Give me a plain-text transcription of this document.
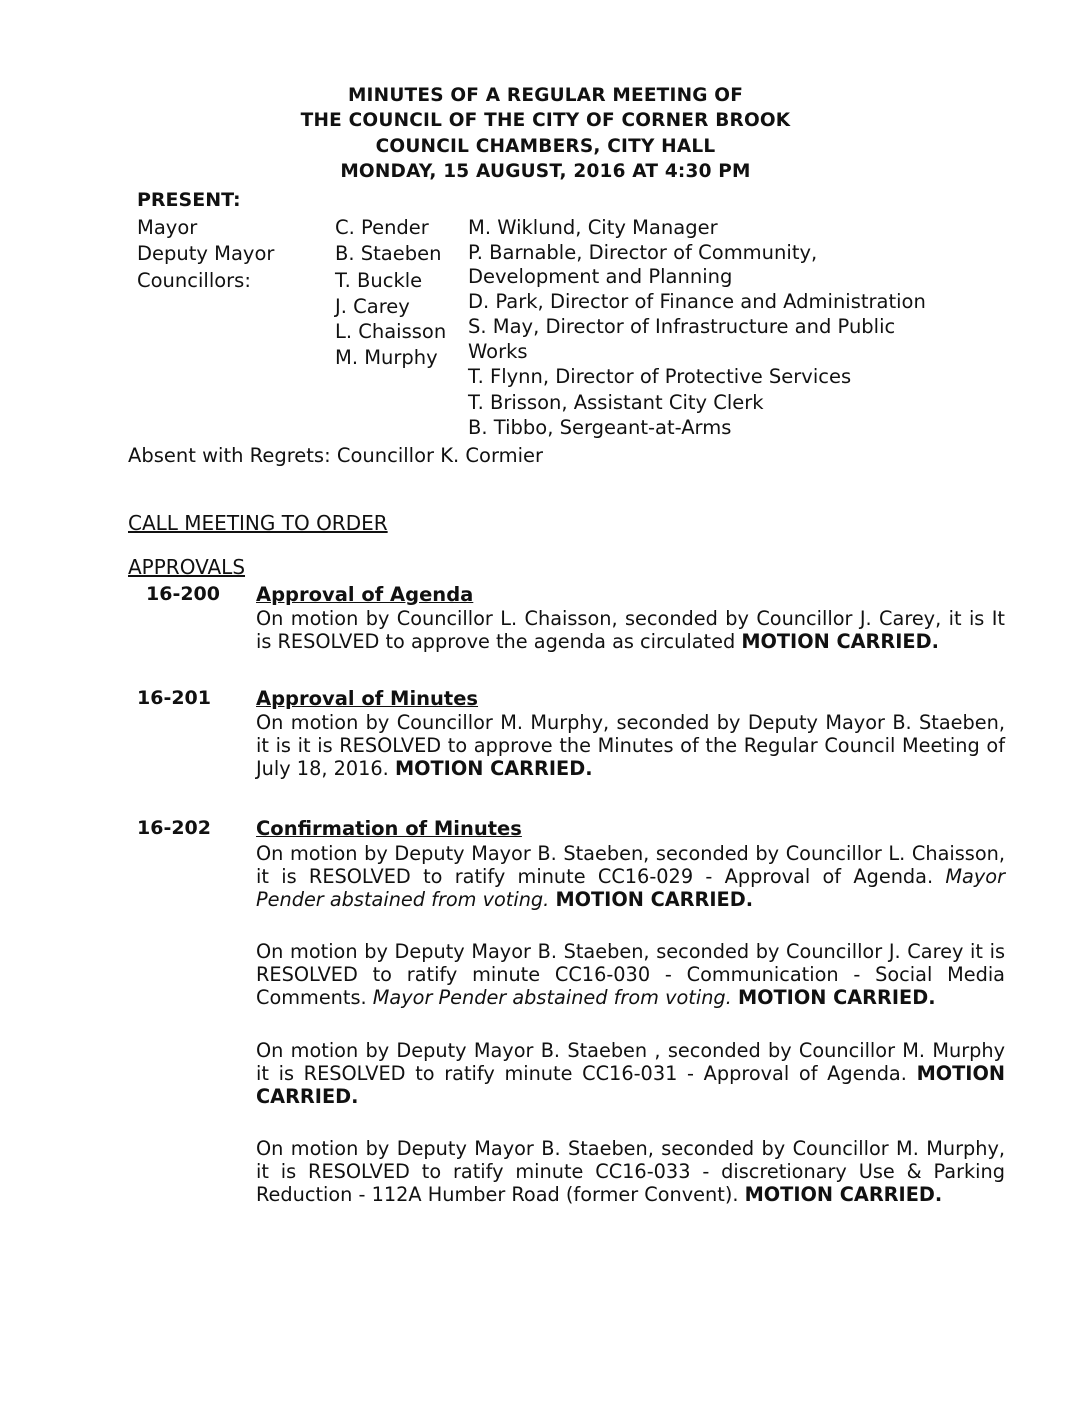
MINUTES OF A REGULAR MEETING OF
THE COUNCIL OF THE CITY OF CORNER BROOK
COUNCIL CHAMBERS, CITY HALL
MONDAY, 15 AUGUST, 2016 AT 4:30 PM
PRESENT:
Mayor
Deputy Mayor
Councillors:
C. Pender
B. Staeben
T. Buckle
J. Carey
L. Chaisson
M. Murphy
M. Wiklund, City Manager
P. Barnable, Director of Community,
Development and Planning
D. Park, Director of Finance and Administration
S. May, Director of Infrastructure and Public
Works
T. Flynn, Director of Protective Services
T. Brisson, Assistant City Clerk
B. Tibbo, Sergeant-at-Arms
Absent with Regrets: Councillor K. Cormier
CALL MEETING TO ORDER
APPROVALS
16-200 Approval of Agenda
On motion by Councillor L. Chaisson, seconded by Councillor J. Carey, it is It is RESOLVED to approve the agenda as circulated MOTION CARRIED.
16-201 Approval of Minutes
On motion by Councillor M. Murphy, seconded by Deputy Mayor B. Staeben, it is it is RESOLVED to approve the Minutes of the Regular Council Meeting of July 18, 2016. MOTION CARRIED.
16-202 Confirmation of Minutes
On motion by Deputy Mayor B. Staeben, seconded by Councillor L. Chaisson, it is RESOLVED to ratify minute CC16-029 - Approval of Agenda. Mayor Pender abstained from voting. MOTION CARRIED.
On motion by Deputy Mayor B. Staeben, seconded by Councillor J. Carey it is RESOLVED to ratify minute CC16-030 - Communication - Social Media Comments. Mayor Pender abstained from voting. MOTION CARRIED.
On motion by Deputy Mayor B. Staeben , seconded by Councillor M. Murphy it is RESOLVED to ratify minute CC16-031 - Approval of Agenda. MOTION CARRIED.
On motion by Deputy Mayor B. Staeben, seconded by Councillor M. Murphy, it is RESOLVED to ratify minute CC16-033 - discretionary Use & Parking Reduction - 112A Humber Road (former Convent). MOTION CARRIED.
